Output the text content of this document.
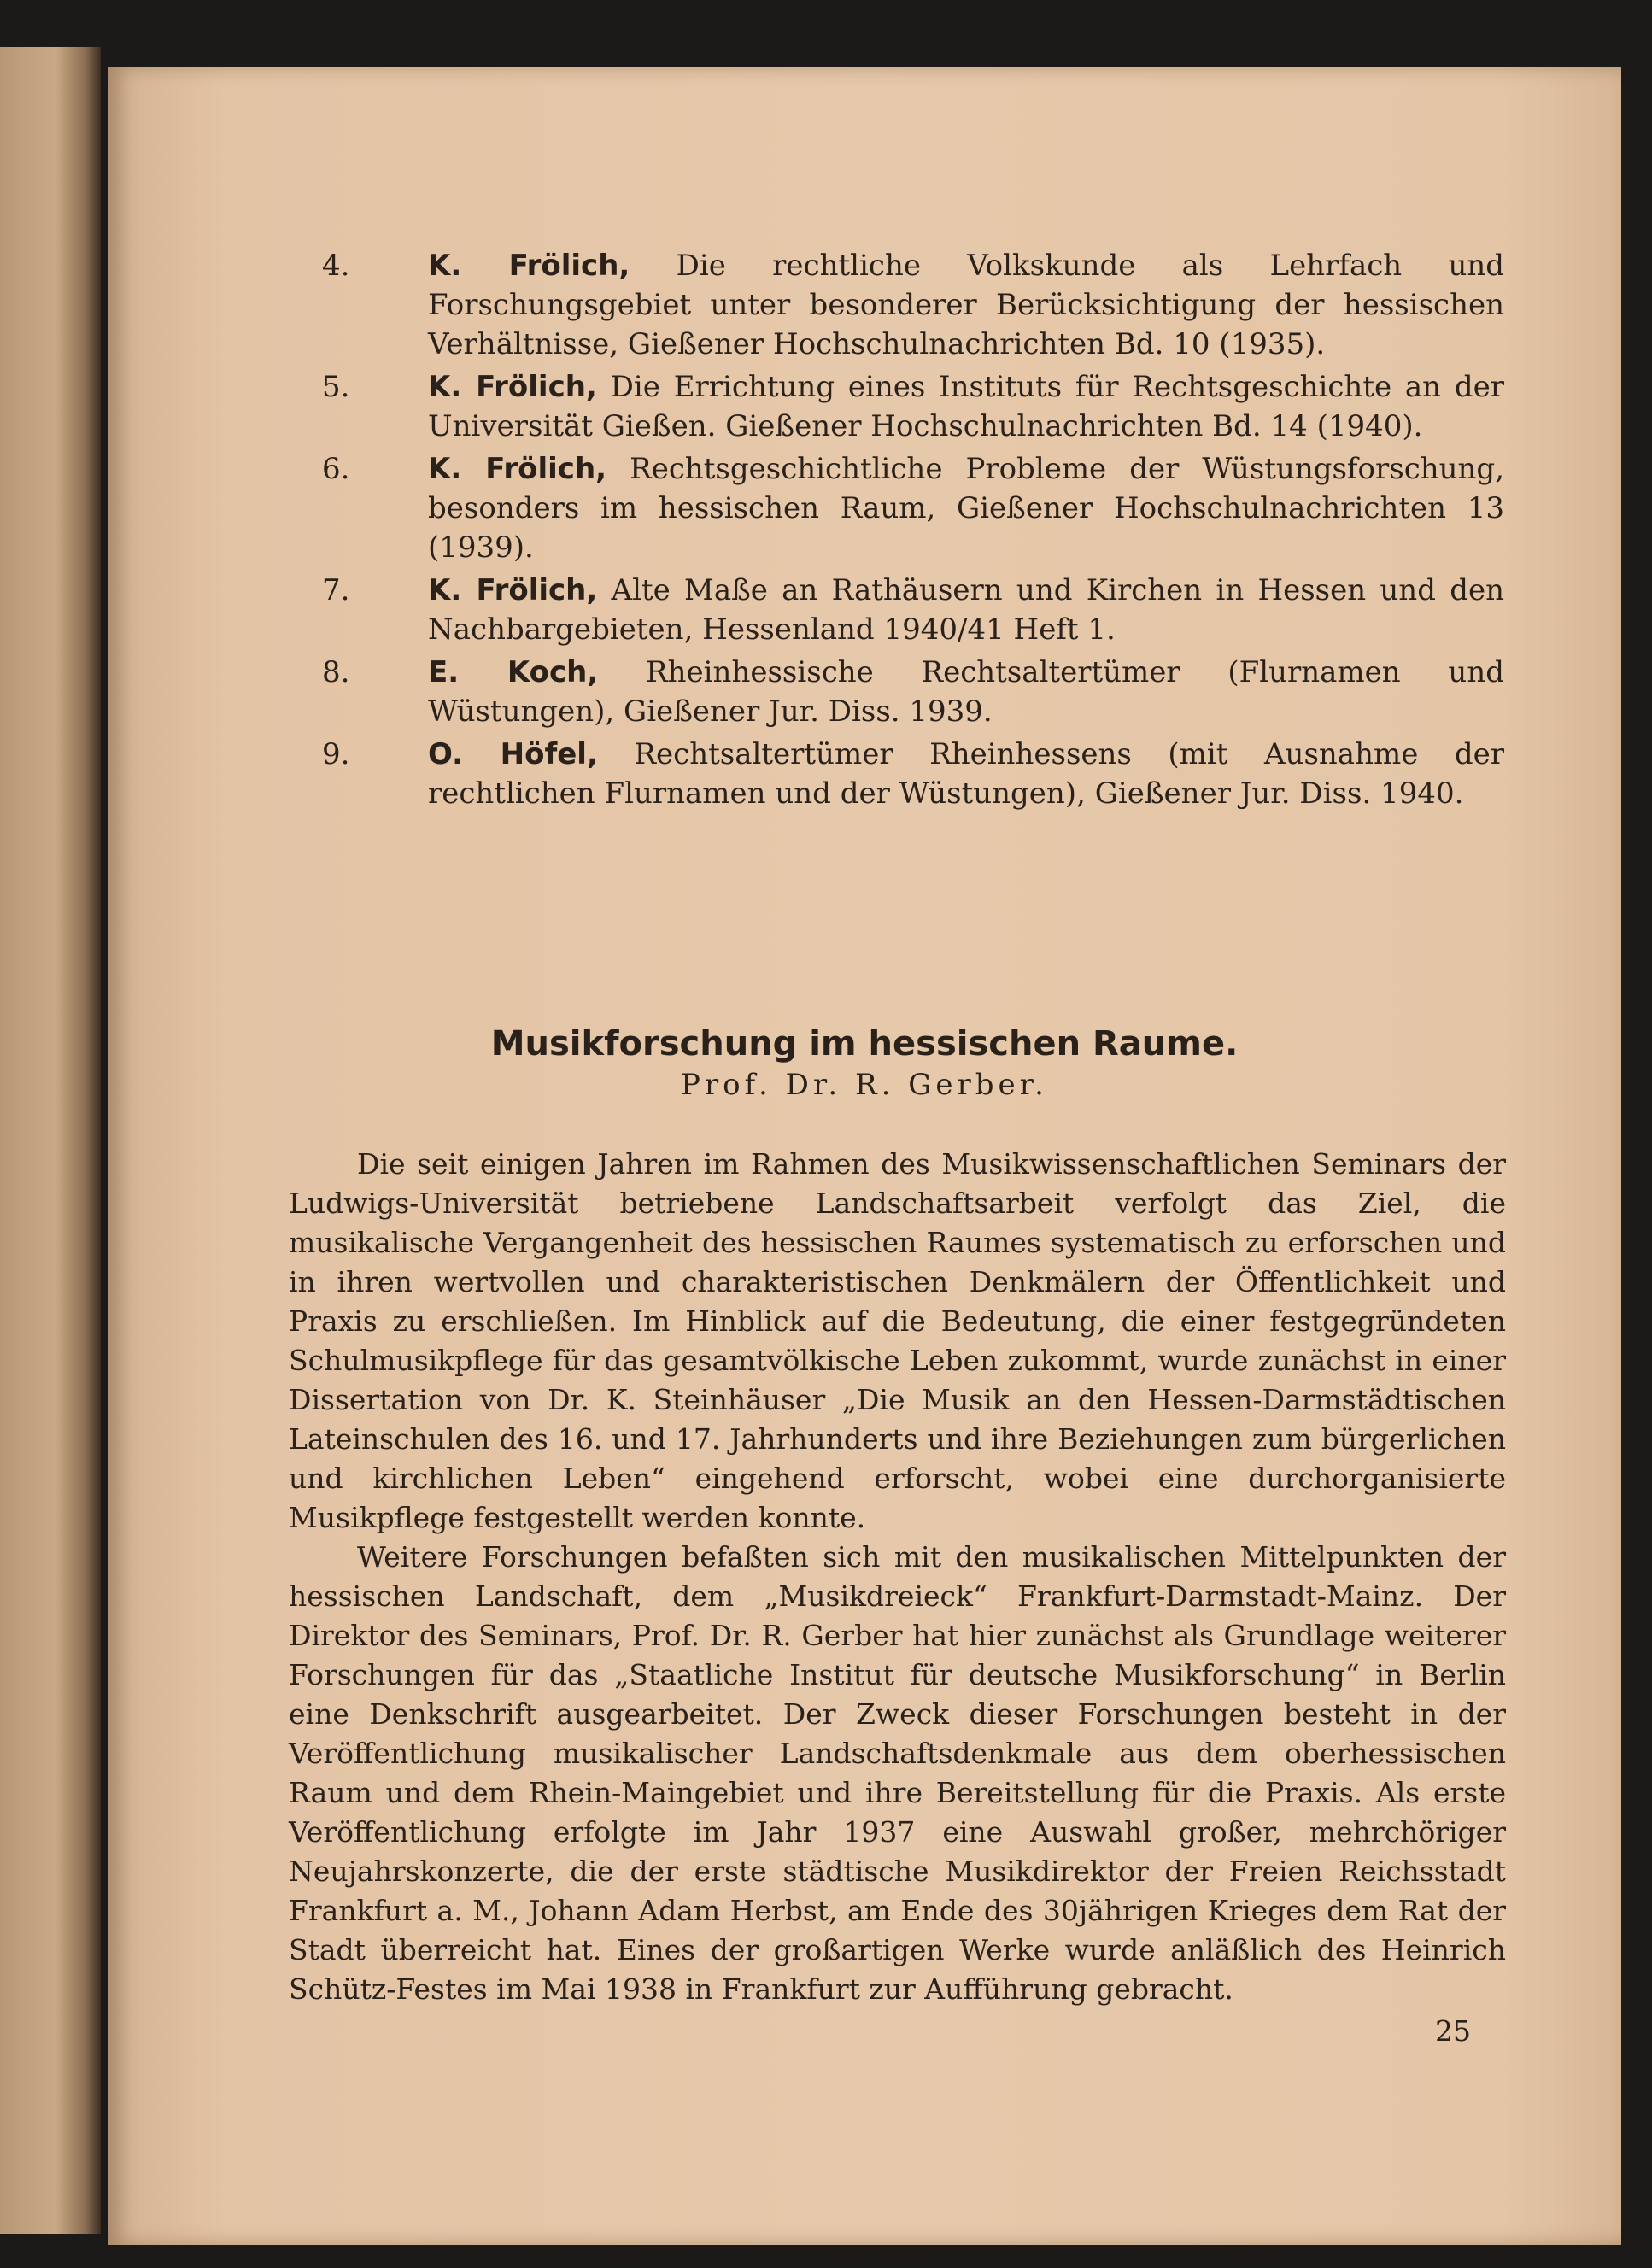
4.	K. Frölich, Die rechtliche Volkskunde als Lehrfach und Forschungsgebiet unter besonderer Berücksichtigung der hessischen Verhältnisse, Gießener Hochschulnachrichten Bd. 10 (1935).
5.	K. Frölich, Die Errichtung eines Instituts für Rechtsgeschichte an der Universität Gießen. Gießener Hochschulnachrichten Bd. 14 (1940).
6.	K. Frölich, Rechtsgeschichtliche Probleme der Wüstungsforschung, besonders im hessischen Raum, Gießener Hochschulnachrichten 13 (1939).
7.	K. Frölich, Alte Maße an Rathäusern und Kirchen in Hessen und den Nachbargebieten, Hessenland 1940/41 Heft 1.
8.	E. Koch, Rheinhessische Rechtsaltertümer (Flurnamen und Wüstungen), Gießener Jur. Diss. 1939.
9.	O. Höfel, Rechtsaltertümer Rheinhessens (mit Ausnahme der rechtlichen Flurnamen und der Wüstungen), Gießener Jur. Diss. 1940.
Musikforschung im hessischen Raume.
Prof. Dr. R. Gerber.

Die seit einigen Jahren im Rahmen des Musikwissenschaftlichen Seminars der Ludwigs-Universität betriebene Landschaftsarbeit verfolgt das Ziel, die musikalische Vergangenheit des hessischen Raumes systematisch zu erforschen und in ihren wertvollen und charakteristischen Denkmälern der Öffentlichkeit und Praxis zu erschließen. Im Hinblick auf die Bedeutung, die einer festgegründeten Schulmusikpflege für das gesamtvölkische Leben zukommt, wurde zunächst in einer Dissertation von Dr. K. Steinhäuser „Die Musik an den Hessen-Darmstädtischen Lateinschulen des 16. und 17. Jahrhunderts und ihre Beziehungen zum bürgerlichen und kirchlichen Leben“ eingehend erforscht, wobei eine durchorganisierte Musikpflege festgestellt werden konnte.

Weitere Forschungen befaßten sich mit den musikalischen Mittelpunkten der hessischen Landschaft, dem „Musikdreieck“ Frankfurt-Darmstadt-Mainz. Der Direktor des Seminars, Prof. Dr. R. Gerber hat hier zunächst als Grundlage weiterer Forschungen für das „Staatliche Institut für deutsche Musikforschung“ in Berlin eine Denkschrift ausgearbeitet. Der Zweck dieser Forschungen besteht in der Veröffentlichung musikalischer Landschaftsdenkmale aus dem oberhessischen Raum und dem Rhein-Maingebiet und ihre Bereitstellung für die Praxis. Als erste Veröffentlichung erfolgte im Jahr 1937 eine Auswahl großer, mehrchöriger Neujahrskonzerte, die der erste städtische Musikdirektor der Freien Reichsstadt Frankfurt a. M., Johann Adam Herbst, am Ende des 30jährigen Krieges dem Rat der Stadt überreicht hat. Eines der großartigen Werke wurde anläßlich des Heinrich Schütz-Festes im Mai 1938 in Frankfurt zur Aufführung gebracht.

25
